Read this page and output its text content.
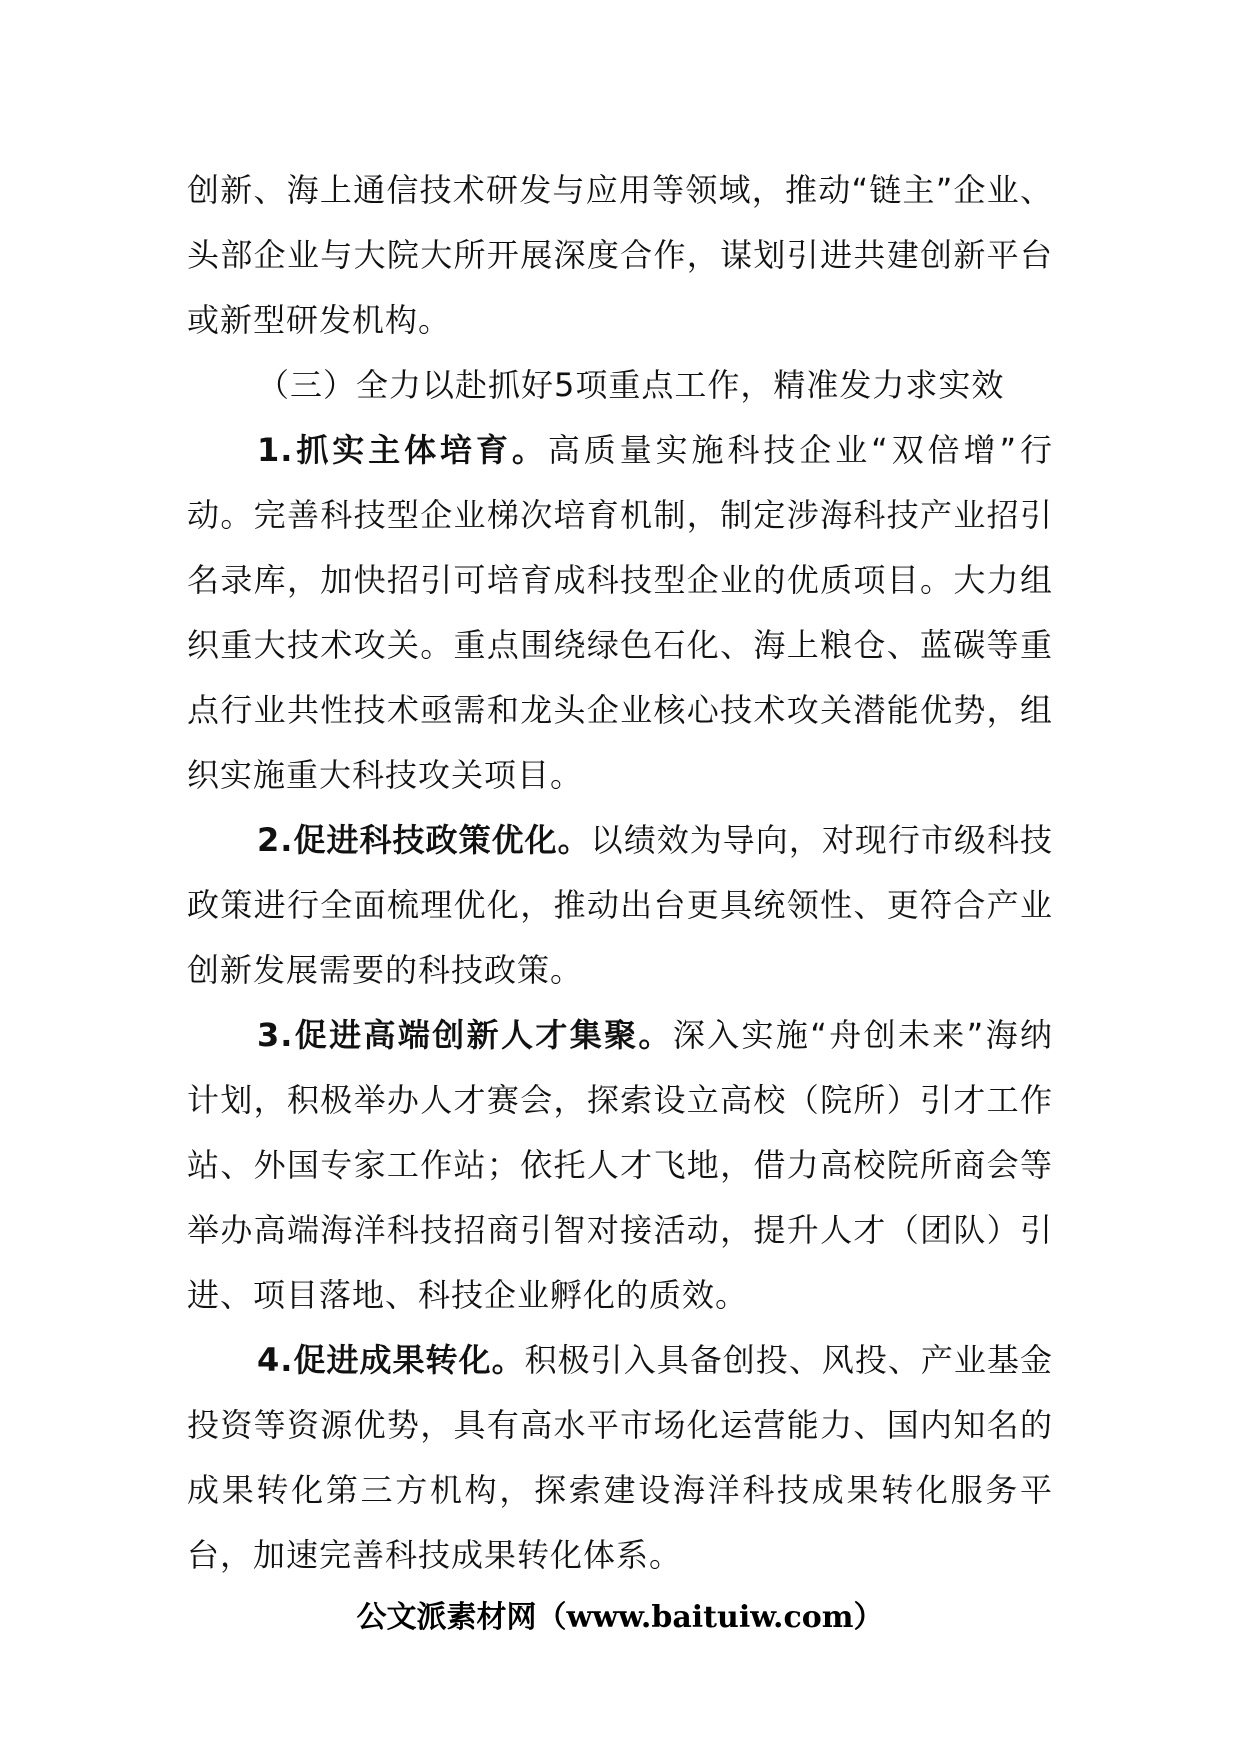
创新、海上通信技术研发与应用等领域，推动“链主”企业、头部企业与大院大所开展深度合作，谋划引进共建创新平台或新型研发机构。

（三）全力以赴抓好5项重点工作，精准发力求实效

1.抓实主体培育。高质量实施科技企业“双倍增”行动。完善科技型企业梯次培育机制，制定涉海科技产业招引名录库，加快招引可培育成科技型企业的优质项目。大力组织重大技术攻关。重点围绕绿色石化、海上粮仓、蓝碳等重点行业共性技术亟需和龙头企业核心技术攻关潜能优势，组织实施重大科技攻关项目。

2.促进科技政策优化。以绩效为导向，对现行市级科技政策进行全面梳理优化，推动出台更具统领性、更符合产业创新发展需要的科技政策。

3.促进高端创新人才集聚。深入实施“舟创未来”海纳计划，积极举办人才赛会，探索设立高校（院所）引才工作站、外国专家工作站；依托人才飞地，借力高校院所商会等举办高端海洋科技招商引智对接活动，提升人才（团队）引进、项目落地、科技企业孵化的质效。

4.促进成果转化。积极引入具备创投、风投、产业基金投资等资源优势，具有高水平市场化运营能力、国内知名的成果转化第三方机构，探索建设海洋科技成果转化服务平台，加速完善科技成果转化体系。

公文派素材网（www.baituiw.com）
